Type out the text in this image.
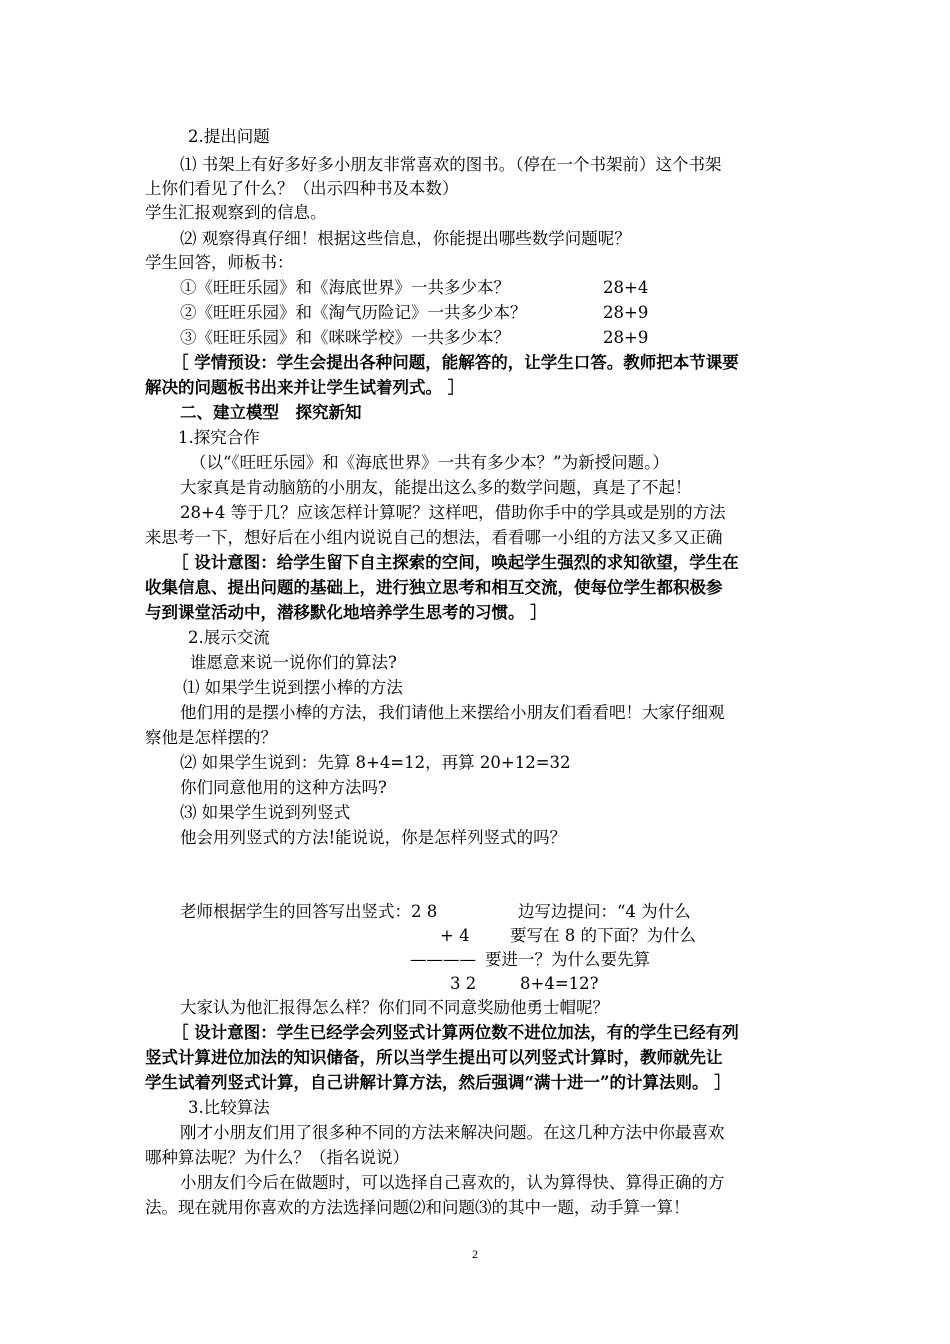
2.提出问题
⑴ 书架上有好多好多小朋友非常喜欢的图书。（停在一个书架前）这个书架
上你们看见了什么？（出示四种书及本数）
学生汇报观察到的信息。
⑵ 观察得真仔细！根据这些信息，你能提出哪些数学问题呢？
学生回答，师板书：
①《旺旺乐园》和《海底世界》一共多少本？	28+4
②《旺旺乐园》和《淘气历险记》一共多少本？	28+9
③《旺旺乐园》和《咪咪学校》一共多少本？	28+9
［ 学情预设：学生会提出各种问题，能解答的，让学生口答。教师把本节课要
解决的问题板书出来并让学生试着列式。 ］
二、建立模型　探究新知
1.探究合作
（以“《旺旺乐园》和《海底世界》一共有多少本？”为新授问题。）
大家真是肯动脑筋的小朋友，能提出这么多的数学问题，真是了不起！
28+4 等于几？应该怎样计算呢？这样吧，借助你手中的学具或是别的方法
来思考一下，想好后在小组内说说自己的想法，看看哪一小组的方法又多又正确
［ 设计意图：给学生留下自主探索的空间，唤起学生强烈的求知欲望，学生在
收集信息、提出问题的基础上，进行独立思考和相互交流，使每位学生都积极参
与到课堂活动中，潜移默化地培养学生思考的习惯。 ］
2.展示交流
谁愿意来说一说你们的算法?
⑴ 如果学生说到摆小棒的方法
他们用的是摆小棒的方法，我们请他上来摆给小朋友们看看吧！大家仔细观
察他是怎样摆的？
⑵ 如果学生说到：先算 8+4=12，再算 20+12=32
你们同意他用的这种方法吗?
⑶ 如果学生说到列竖式
他会用列竖式的方法!能说说，你是怎样列竖式的吗？
老师根据学生的回答写出竖式：2 8	边写边提问：“4 为什么
+ 4 要写在 8 的下面？为什么
———— 要进一？为什么要先算
3 2	8+4=12?
大家认为他汇报得怎么样？你们同不同意奖励他勇士帽呢？
［ 设计意图：学生已经学会列竖式计算两位数不进位加法，有的学生已经有列
竖式计算进位加法的知识储备，所以当学生提出可以列竖式计算时，教师就先让
学生试着列竖式计算，自己讲解计算方法，然后强调“满十进一”的计算法则。 ］
3.比较算法
刚才小朋友们用了很多种不同的方法来解决问题。在这几种方法中你最喜欢
哪种算法呢？为什么？（指名说说）
小朋友们今后在做题时，可以选择自己喜欢的，认为算得快、算得正确的方
法。现在就用你喜欢的方法选择问题⑵和问题⑶的其中一题，动手算一算！
2
